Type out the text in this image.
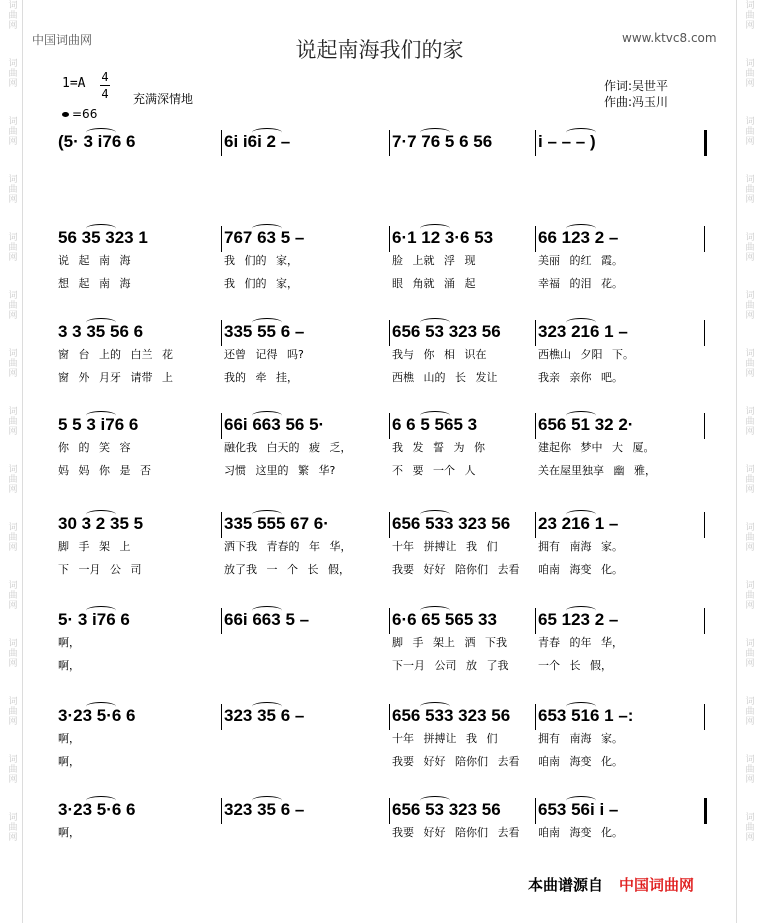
词曲网
词曲网
词曲网
词曲网
词曲网
词曲网
词曲网
词曲网
词曲网
词曲网
词曲网
词曲网
词曲网
词曲网
词曲网
词曲网
词曲网
词曲网
词曲网
词曲网
词曲网
词曲网
词曲网
词曲网
词曲网
词曲网
词曲网
词曲网
词曲网
词曲网
中国词曲网	www.ktvc8.com
说起南海我们的家
1=A 4
4
=66
充满深情地
作词:吴世平
作曲:冯玉川
(5· 3 i76 6	6i i6i 2 –	7·7 76 5 6 56	i – – – )
56 35 323 1
说 起 南 海
想 起 南 海
767 63 5 –
我 们的 家，
我 们的 家，
6·1 12 3·6 53
脸 上就 浮 现
眼 角就 涌 起
66 123 2 –
美丽 的红 霞。
幸福 的泪 花。
3 3 35 56 6
窗 台 上的 白兰 花
窗 外 月牙 请带 上
335 55 6 –
还曾 记得 吗?
我的 牵 挂，
656 53 323 56
我与 你 相 识在
西樵 山的 长 发让
323 216 1 –
西樵山 夕阳 下。
我亲 亲你 吧。
5 5 3 i76 6
你 的 笑 容
妈 妈 你 是 否
66i 663 56 5·
融化我 白天的 疲 乏，
习惯 这里的 繁 华?
6 6 5 565 3
我 发 誓 为 你
不 要 一个 人
656 51 32 2·
建起你 梦中 大 厦。
关在屋里独享 幽 雅，
30 3 2 35 5
脚 手 架 上
下 一月 公 司
335 555 67 6·
洒下我 青春的 年 华，
放了我 一 个 长 假，
656 533 323 56
十年 拼搏让 我 们
我要 好好 陪你们 去看
23 216 1 –
拥有 南海 家。
咱南 海变 化。
5· 3 i76 6
啊，
啊，
66i 663 5 –	6·6 65 565 33
脚 手 架上 洒 下我
下一月 公司 放 了我
65 123 2 –
青春 的年 华，
一个 长 假，
3·23 5·6 6
啊，
啊，
323 35 6 –	656 533 323 56
十年 拼搏让 我 们
我要 好好 陪你们 去看
653 516 1 –:
拥有 南海 家。
咱南 海变 化。
3·23 5·6 6
啊，
323 35 6 –	656 53 323 56
我要 好好 陪你们 去看
653 56i i –
咱南 海变 化。
本曲谱源自 中国词曲网
